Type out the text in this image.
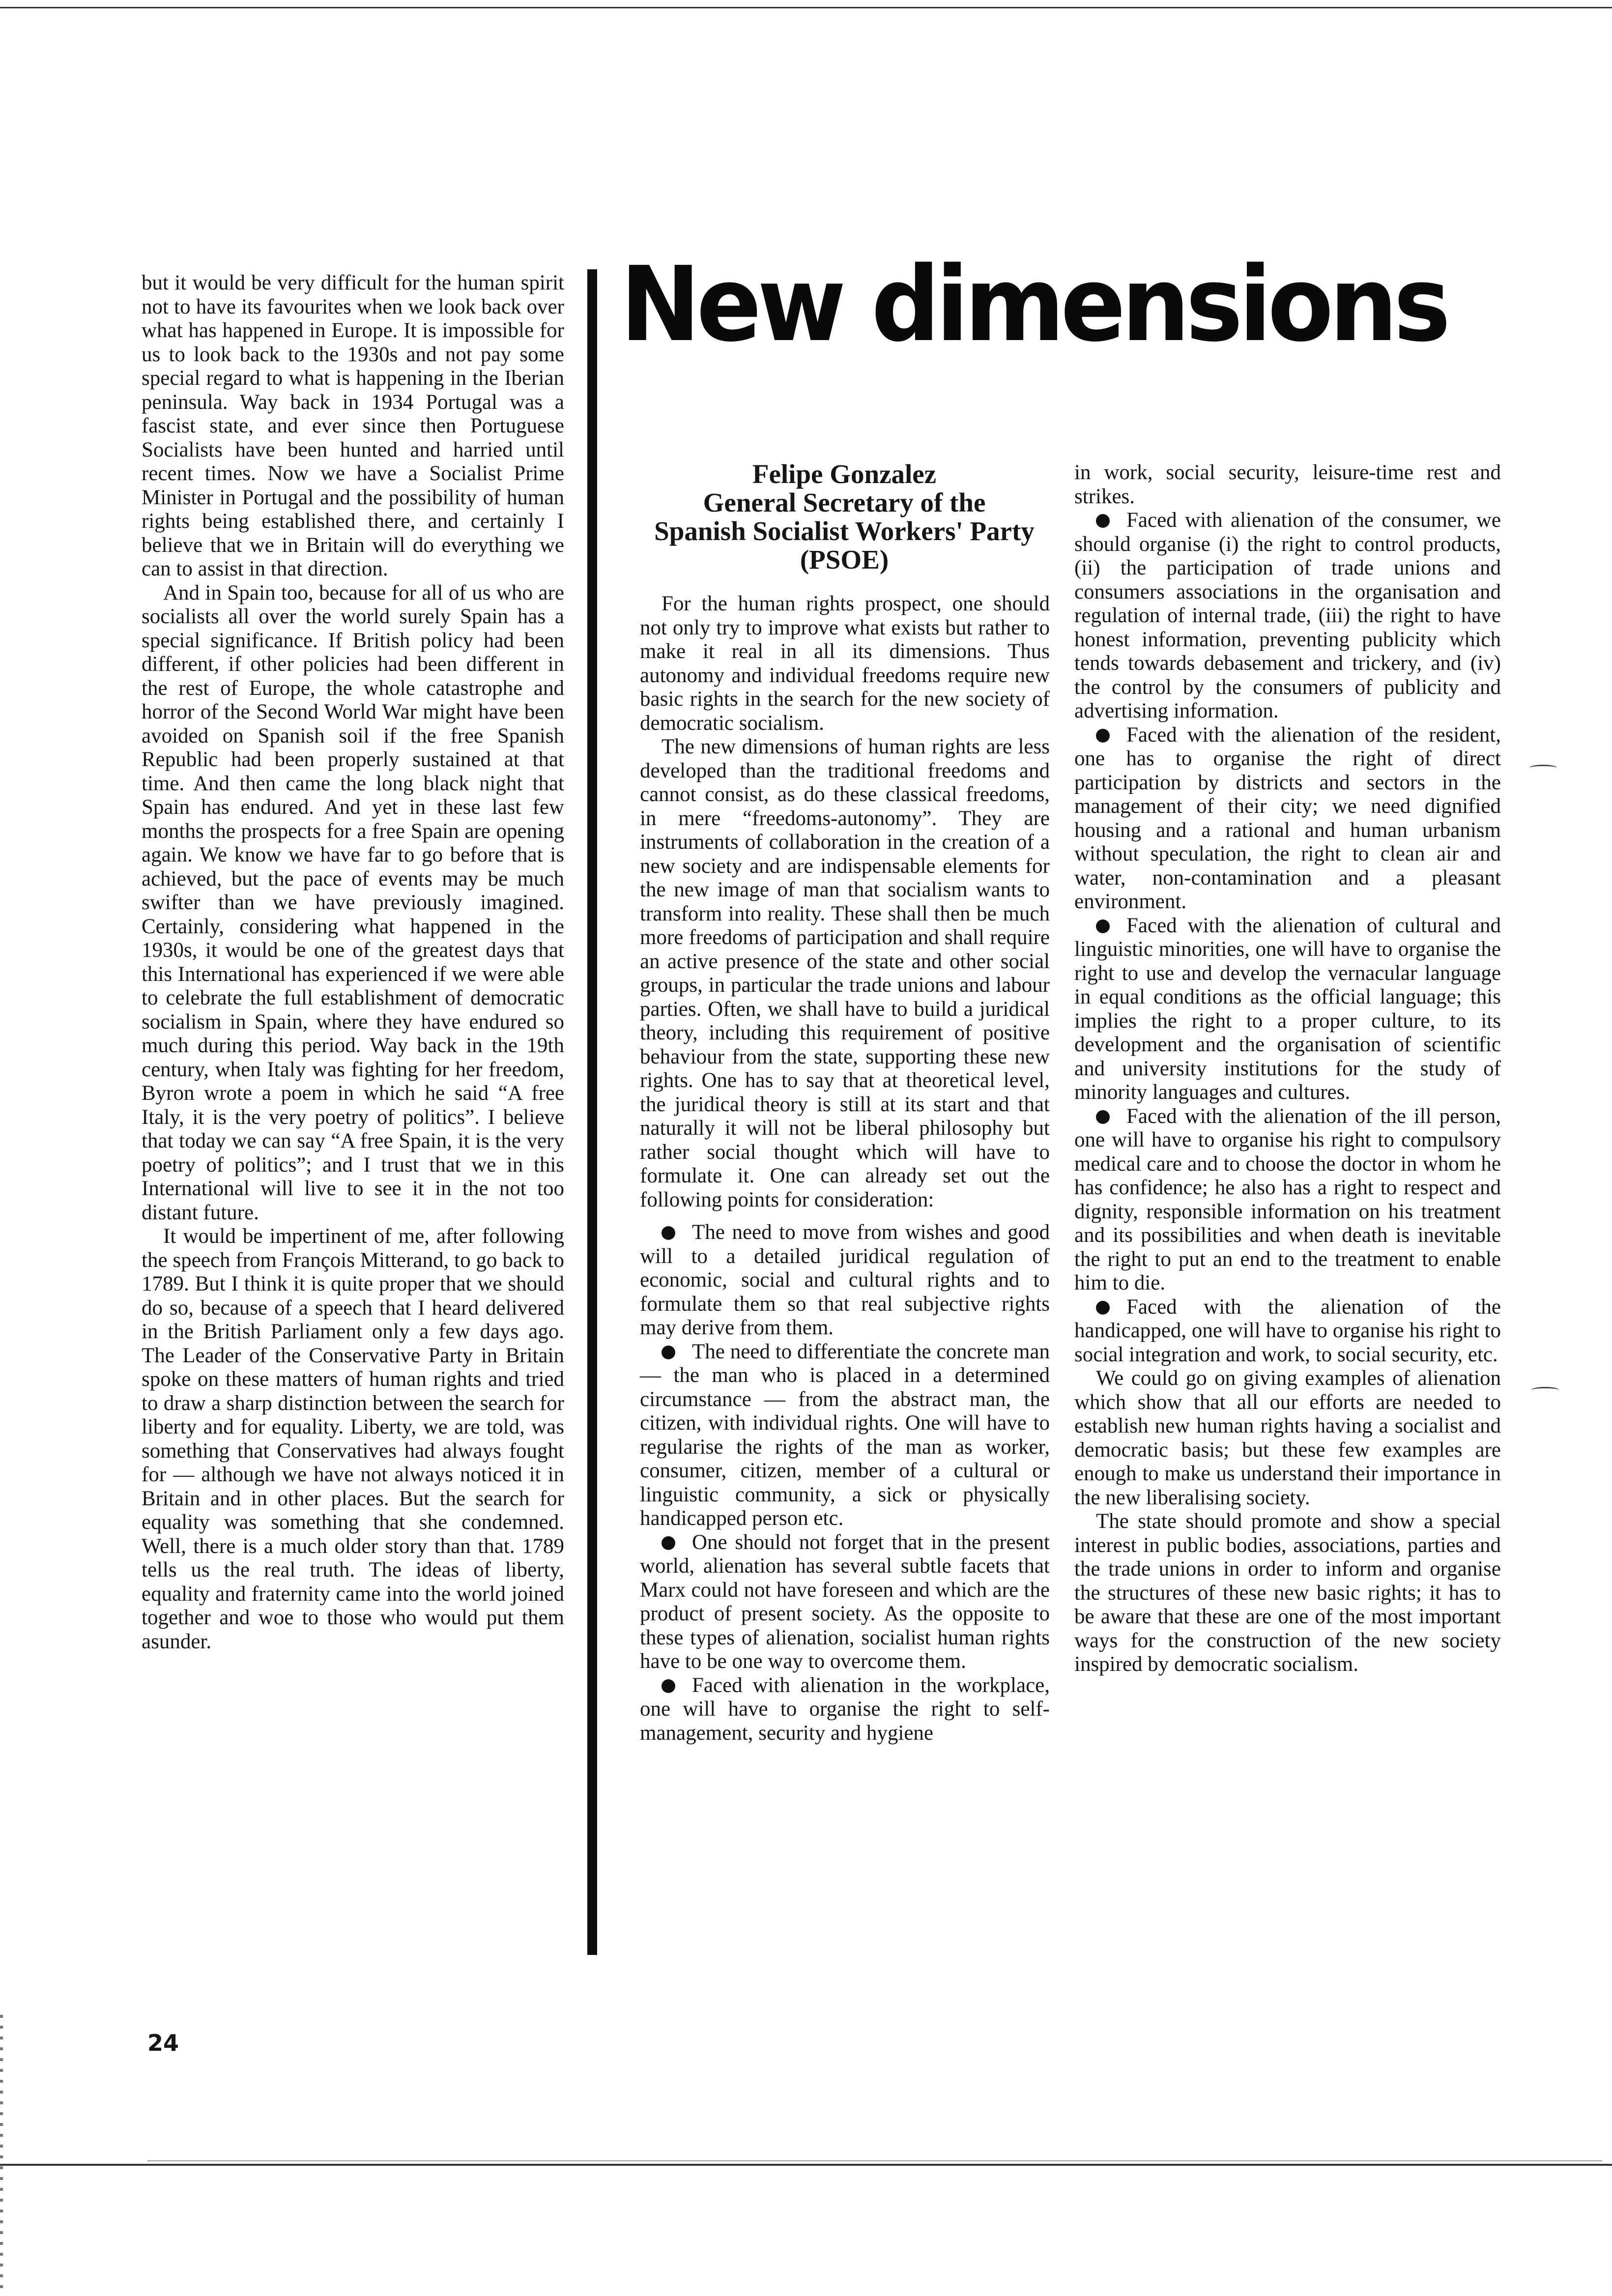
but it would be very difficult for the human spirit not to have its favourites when we look back over what has happened in Europe. It is impossible for us to look back to the 1930s and not pay some special regard to what is happening in the Iberian peninsula. Way back in 1934 Portugal was a fascist state, and ever since then Portuguese Socialists have been hunted and harried until recent times. Now we have a Socialist Prime Minister in Portugal and the possibility of human rights being established there, and certainly I believe that we in Britain will do everything we can to assist in that direction.

And in Spain too, because for all of us who are socialists all over the world surely Spain has a special significance. If British policy had been different, if other policies had been different in the rest of Europe, the whole catastrophe and horror of the Second World War might have been avoided on Spanish soil if the free Spanish Republic had been properly sustained at that time. And then came the long black night that Spain has endured. And yet in these last few months the prospects for a free Spain are opening again. We know we have far to go before that is achieved, but the pace of events may be much swifter than we have previously imagined. Certainly, considering what happened in the 1930s, it would be one of the greatest days that this International has experienced if we were able to celebrate the full establishment of democratic socialism in Spain, where they have endured so much during this period. Way back in the 19th century, when Italy was fighting for her freedom, Byron wrote a poem in which he said “A free Italy, it is the very poetry of politics”. I believe that today we can say “A free Spain, it is the very poetry of politics”; and I trust that we in this International will live to see it in the not too distant future.

It would be impertinent of me, after following the speech from François Mitterand, to go back to 1789. But I think it is quite proper that we should do so, because of a speech that I heard delivered in the British Parliament only a few days ago. The Leader of the Conservative Party in Britain spoke on these matters of human rights and tried to draw a sharp distinction between the search for liberty and for equality. Liberty, we are told, was something that Conservatives had always fought for — although we have not always noticed it in Britain and in other places. But the search for equality was something that she condemned. Well, there is a much older story than that. 1789 tells us the real truth. The ideas of liberty, equality and fraternity came into the world joined together and woe to those who would put them asunder.

New dimensions
Felipe Gonzalez
General Secretary of the
Spanish Socialist Workers' Party
(PSOE)

For the human rights prospect, one should not only try to improve what exists but rather to make it real in all its dimensions. Thus autonomy and individual freedoms require new basic rights in the search for the new society of democratic socialism.

The new dimensions of human rights are less developed than the traditional freedoms and cannot consist, as do these classical freedoms, in mere “freedoms-autonomy”. They are instruments of collaboration in the creation of a new society and are indispensable elements for the new image of man that socialism wants to transform into reality. These shall then be much more freedoms of participation and shall require an active presence of the state and other social groups, in particular the trade unions and labour parties. Often, we shall have to build a juridical theory, including this requirement of positive behaviour from the state, supporting these new rights. One has to say that at theoretical level, the juridical theory is still at its start and that naturally it will not be liberal philosophy but rather social thought which will have to formulate it. One can already set out the following points for consideration:

The need to move from wishes and good will to a detailed juridical regulation of economic, social and cultural rights and to formulate them so that real subjective rights may derive from them.

The need to differentiate the concrete man — the man who is placed in a determined circumstance — from the abstract man, the citizen, with individual rights. One will have to regularise the rights of the man as worker, consumer, citizen, member of a cultural or linguistic community, a sick or physically handicapped person etc.

One should not forget that in the present world, alienation has several subtle facets that Marx could not have foreseen and which are the product of present society. As the opposite to these types of alienation, socialist human rights have to be one way to overcome them.

Faced with alienation in the workplace, one will have to organise the right to self-management, security and hygiene

in work, social security, leisure-time rest and strikes.

Faced with alienation of the consumer, we should organise (i) the right to control products, (ii) the participation of trade unions and consumers associations in the organisation and regulation of internal trade, (iii) the right to have honest information, preventing publicity which tends towards debasement and trickery, and (iv) the control by the consumers of publicity and advertising information.

Faced with the alienation of the resident, one has to organise the right of direct participation by districts and sectors in the management of their city; we need dignified housing and a rational and human urbanism without speculation, the right to clean air and water, non-contamination and a pleasant environment.

Faced with the alienation of cultural and linguistic minorities, one will have to organise the right to use and develop the vernacular language in equal conditions as the official language; this implies the right to a proper culture, to its development and the organisation of scientific and university institutions for the study of minority languages and cultures.

Faced with the alienation of the ill person, one will have to organise his right to compulsory medical care and to choose the doctor in whom he has confidence; he also has a right to respect and dignity, responsible information on his treatment and its possibilities and when death is inevitable the right to put an end to the treatment to enable him to die.

Faced with the alienation of the handicapped, one will have to organise his right to social integration and work, to social security, etc.

We could go on giving examples of alienation which show that all our efforts are needed to establish new human rights having a socialist and democratic basis; but these few examples are enough to make us understand their importance in the new liberalising society.

The state should promote and show a special interest in public bodies, associations, parties and the trade unions in order to inform and organise the structures of these new basic rights; it has to be aware that these are one of the most important ways for the construction of the new society inspired by democratic socialism.

24
